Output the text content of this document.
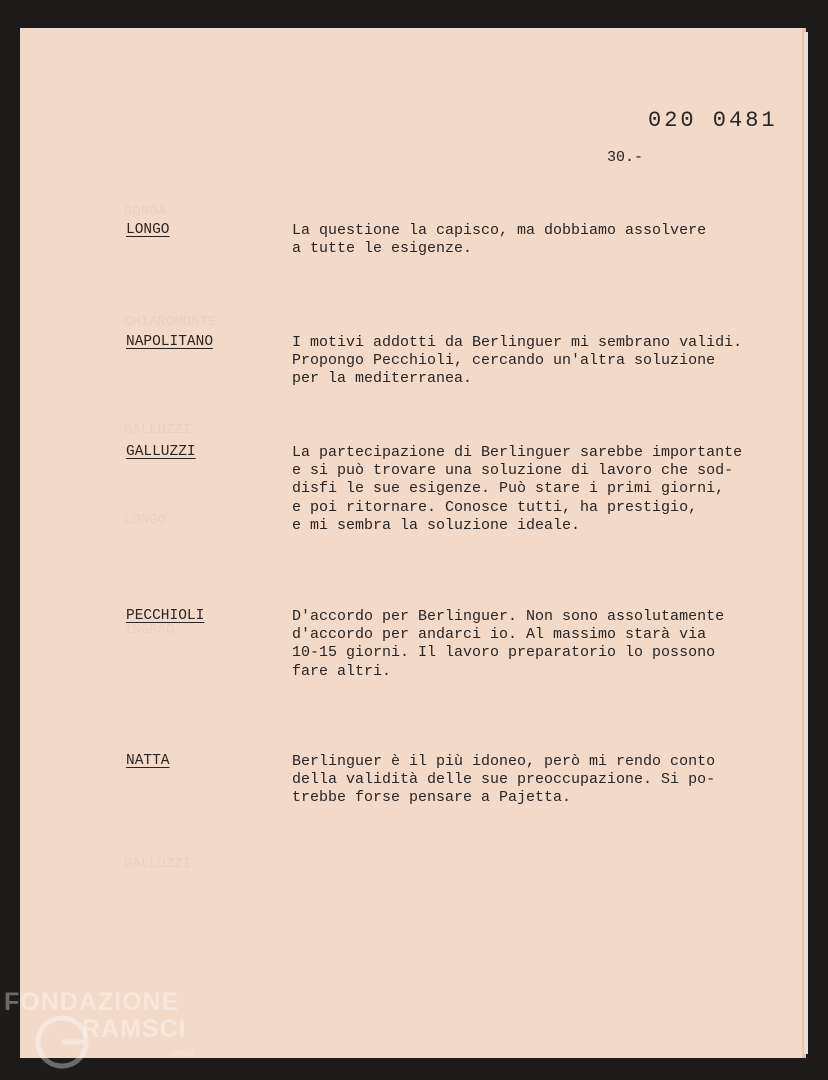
GONDA
CHIAROMONTE
GALLUZZI
LONGO
INGRAO
GALLUZZI
020 0481
30.-
LONGO	La questione la capisco, ma dobbiamo assolvere
a tutte le esigenze.
NAPOLITANO	I motivi addotti da Berlinguer mi sembrano validi.
Propongo Pecchioli, cercando un'altra soluzione
per la mediterranea.
GALLUZZI	La partecipazione di Berlinguer sarebbe importante
e si può trovare una soluzione di lavoro che sod-
disfi le sue esigenze. Può stare i primi giorni,
e poi ritornare. Conosce tutti, ha prestigio,
e mi sembra la soluzione ideale.
PECCHIOLI	D'accordo per Berlinguer. Non sono assolutamente
d'accordo per andarci io. Al massimo starà via
10-15 giorni. Il lavoro preparatorio lo possono
fare altri.
NATTA	Berlinguer è il più idoneo, però mi rendo conto
della validità delle sue preoccupazione. Si po-
trebbe forse pensare a Pajetta.
FONDAZIONE
RAMSCI
onlus
